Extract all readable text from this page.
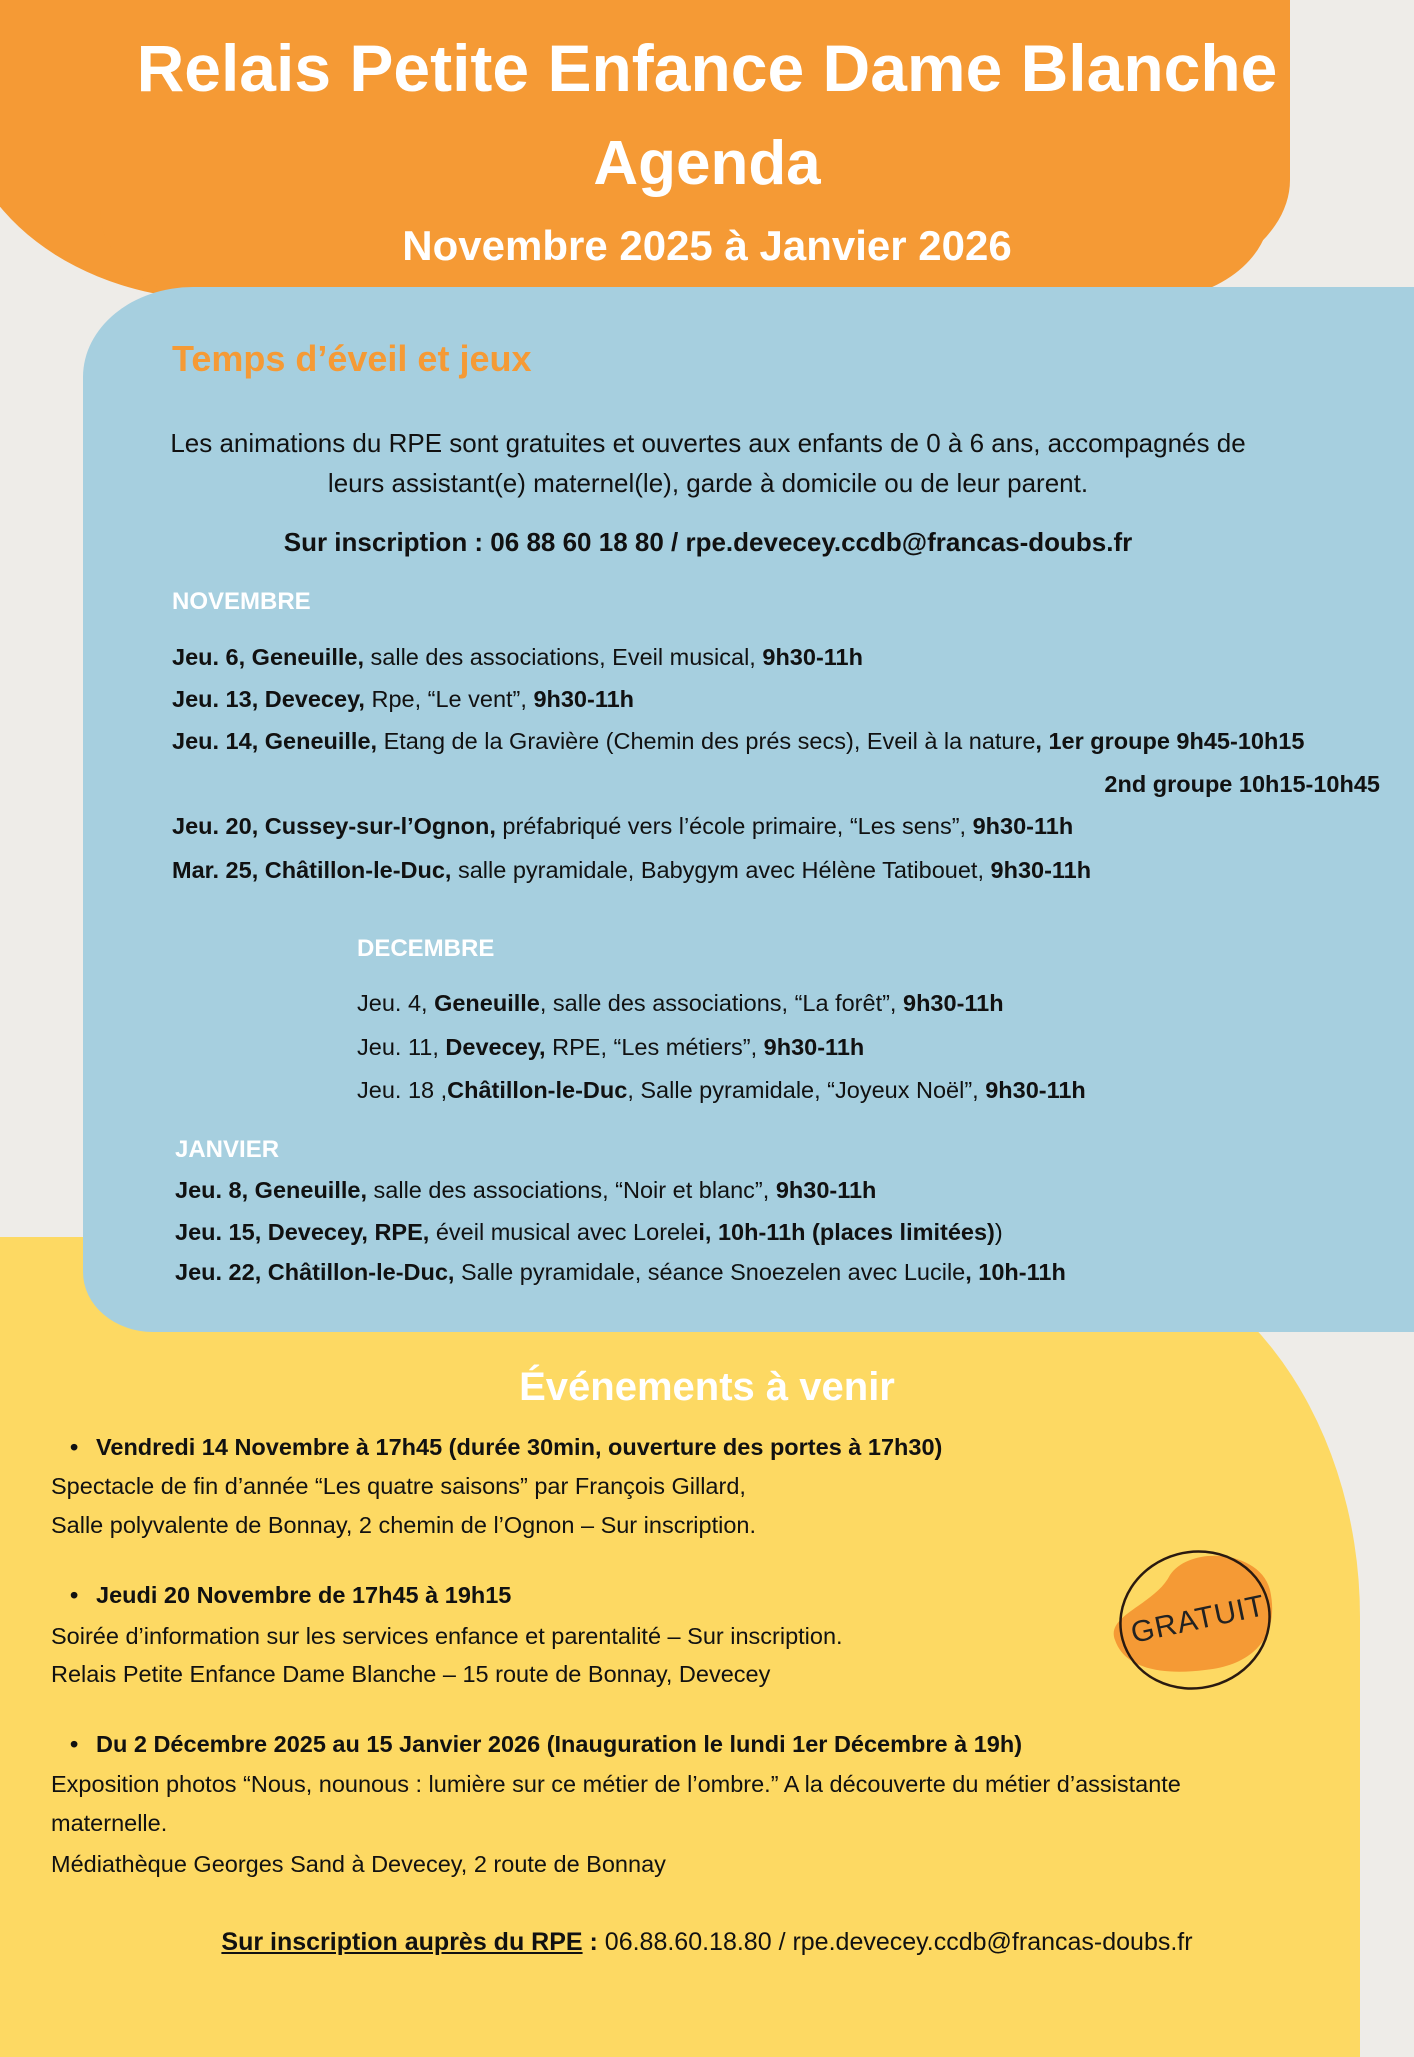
Relais Petite Enfance Dame Blanche
Agenda
Novembre 2025 à Janvier 2026
Temps d’éveil et jeux
Les animations du RPE sont gratuites et ouvertes aux enfants de 0 à 6 ans, accompagnés de
leurs assistant(e) maternel(le), garde à domicile ou de leur parent.
Sur inscription : 06 88 60 18 80 / rpe.devecey.ccdb@francas-doubs.fr
NOVEMBRE
Jeu. 6, Geneuille, salle des associations, Eveil musical, 9h30-11h
Jeu. 13, Devecey, Rpe, “Le vent”, 9h30-11h
Jeu. 14, Geneuille, Etang de la Gravière (Chemin des prés secs), Eveil à la nature, 1er groupe 9h45-10h15
2nd groupe 10h15-10h45
Jeu. 20, Cussey-sur-l’Ognon, préfabriqué vers l’école primaire, “Les sens”, 9h30-11h
Mar. 25, Châtillon-le-Duc, salle pyramidale, Babygym avec Hélène Tatibouet, 9h30-11h
DECEMBRE
Jeu. 4, Geneuille, salle des associations, “La forêt”, 9h30-11h
Jeu. 11, Devecey, RPE, “Les métiers”, 9h30-11h
Jeu. 18 ,Châtillon-le-Duc, Salle pyramidale, “Joyeux Noël”, 9h30-11h
JANVIER
Jeu. 8, Geneuille, salle des associations, “Noir et blanc”, 9h30-11h
Jeu. 15, Devecey, RPE, éveil musical avec Lorelei, 10h-11h (places limitées))
Jeu. 22, Châtillon-le-Duc, Salle pyramidale, séance Snoezelen avec Lucile, 10h-11h
Événements à venir
• Vendredi 14 Novembre à 17h45 (durée 30min, ouverture des portes à 17h30)
Spectacle de fin d’année “Les quatre saisons” par François Gillard,
Salle polyvalente de Bonnay, 2 chemin de l’Ognon – Sur inscription.
• Jeudi 20 Novembre de 17h45 à 19h15
Soirée d’information sur les services enfance et parentalité – Sur inscription.
Relais Petite Enfance Dame Blanche – 15 route de Bonnay, Devecey
• Du 2 Décembre 2025 au 15 Janvier 2026 (Inauguration le lundi 1er Décembre à 19h)
Exposition photos “Nous, nounous : lumière sur ce métier de l’ombre.” A la découverte du métier d’assistante
maternelle.
Médiathèque Georges Sand à Devecey, 2 route de Bonnay
GRATUIT
Sur inscription auprès du RPE : 06.88.60.18.80 / rpe.devecey.ccdb@francas-doubs.fr
